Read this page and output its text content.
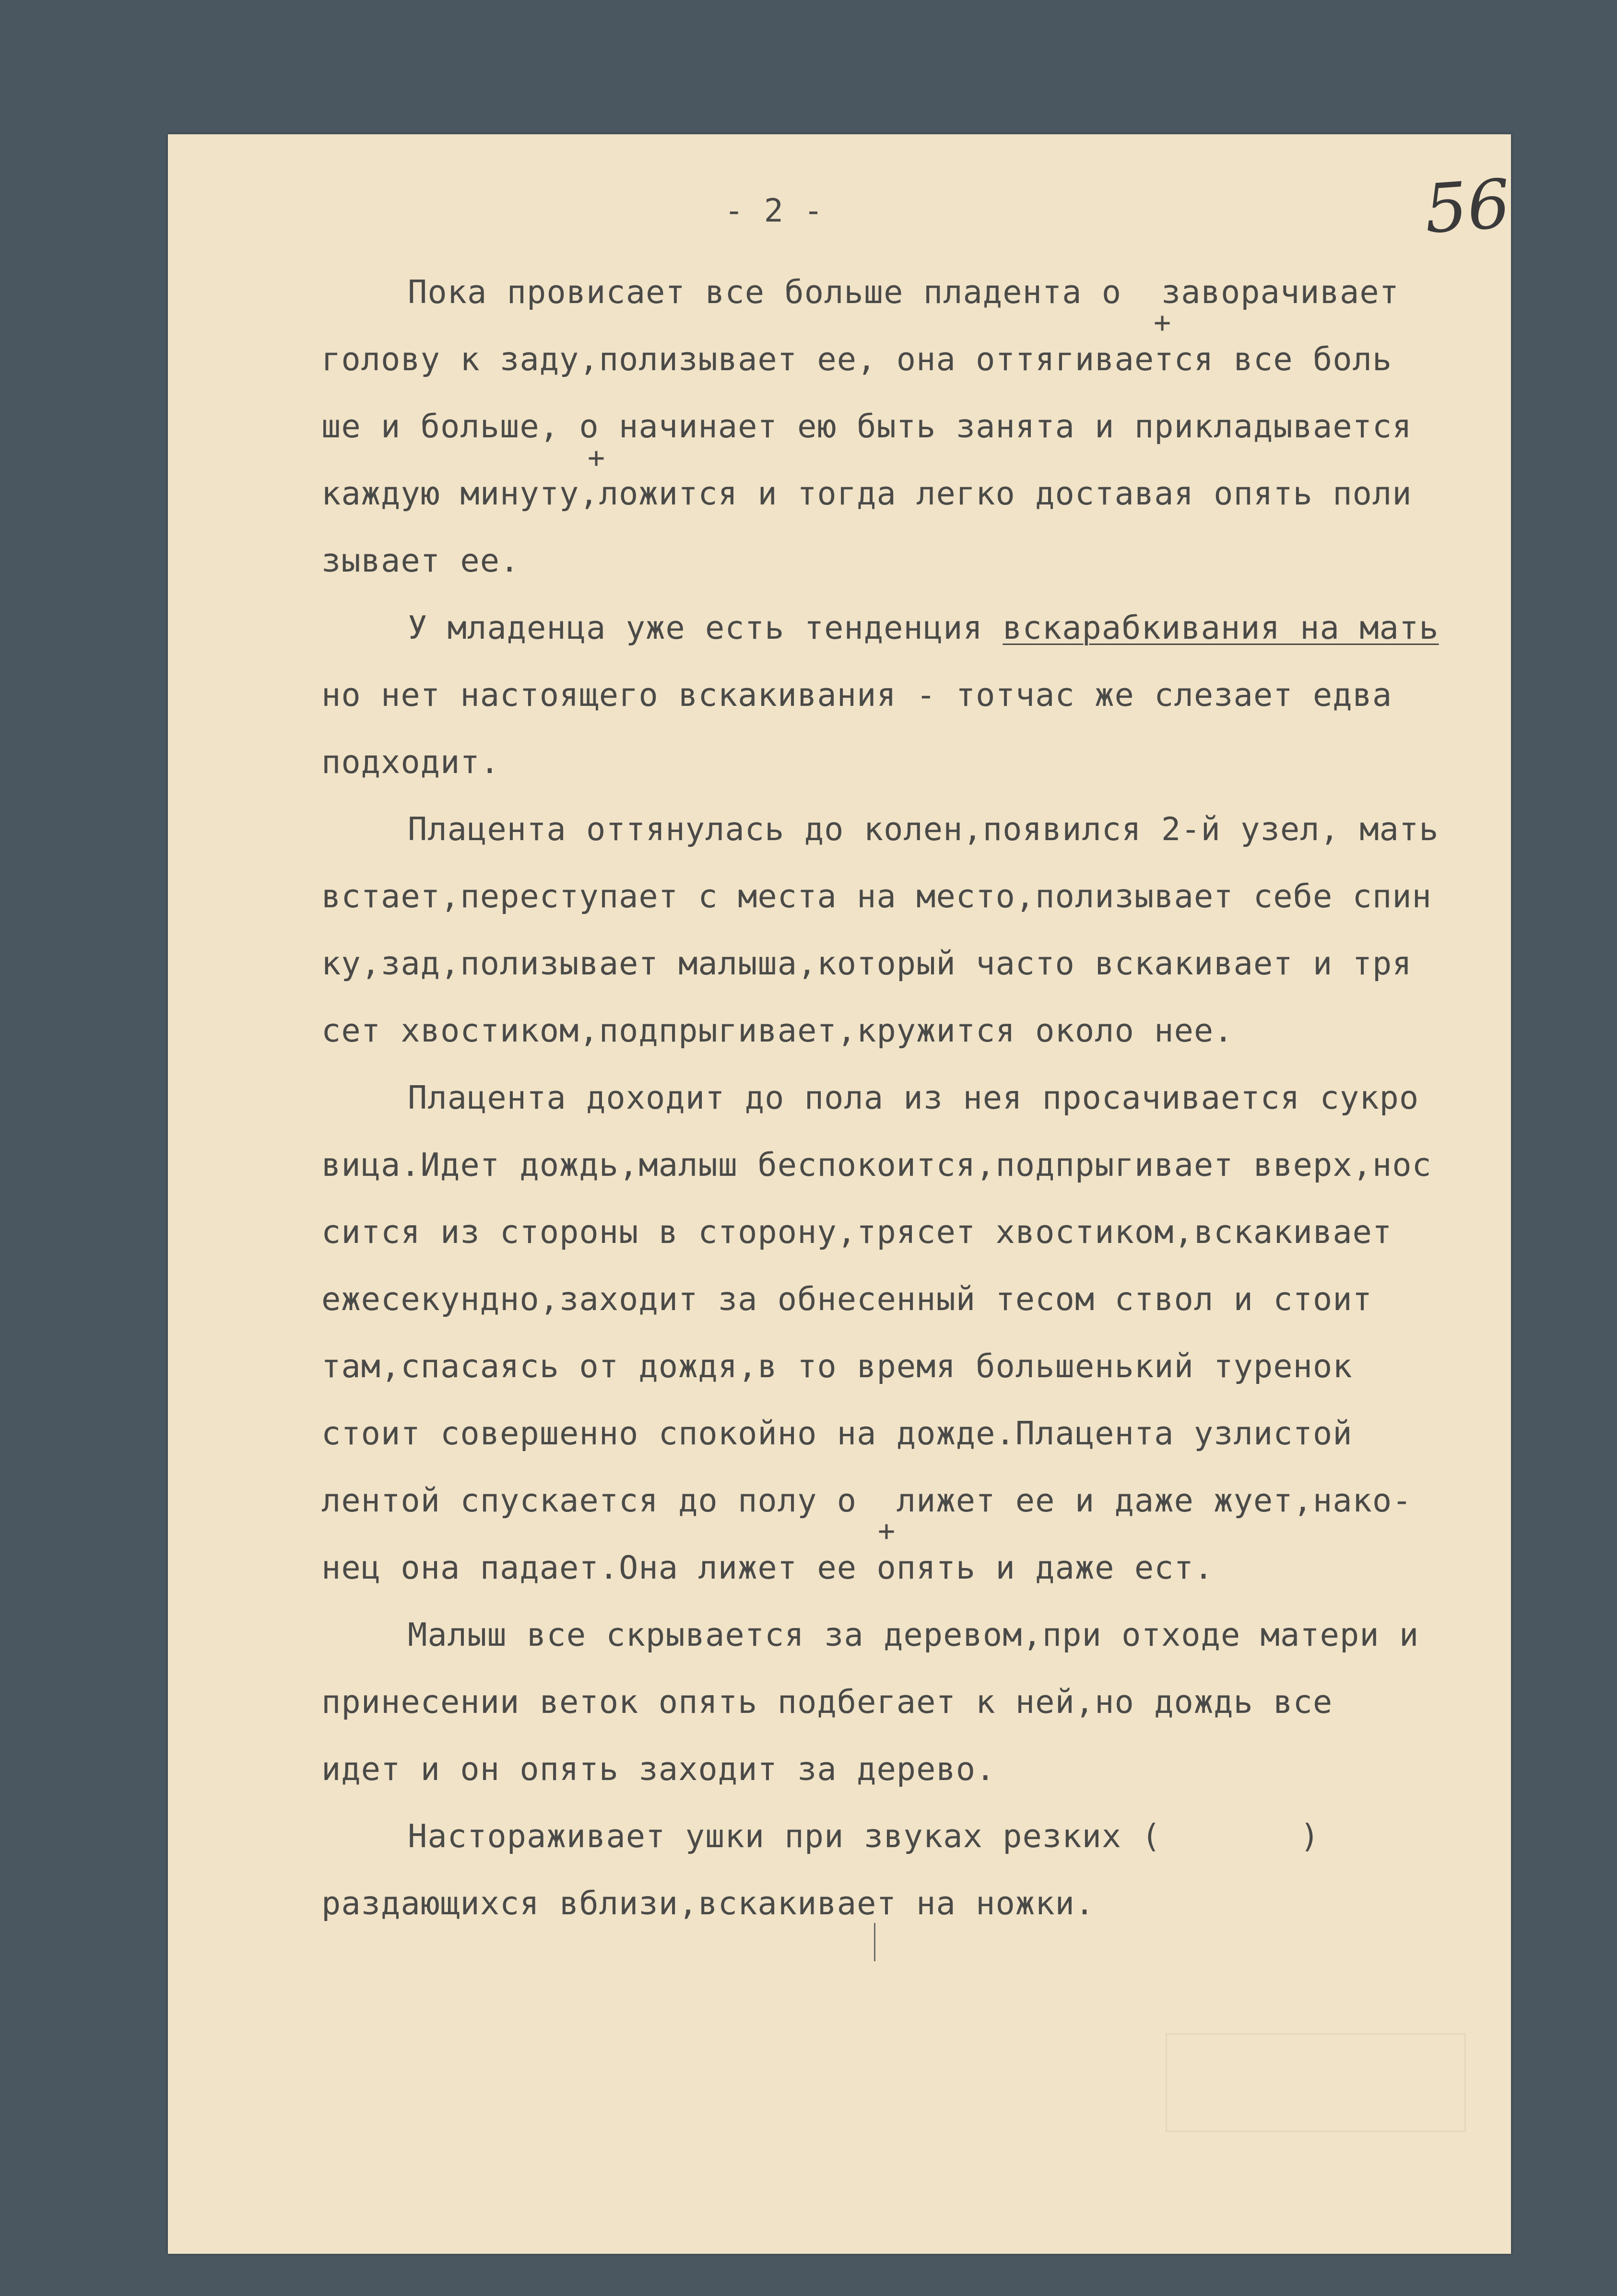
- 2 -	56
Пока провисает все больше пладента о  заворачивает
+
голову к заду,полизывает ее, она оттягивается все боль
ше и больше, о начинает ею быть занята и прикладывается
+
каждую минуту,ложится и тогда легко доставая опять поли
зывает ее.
У младенца уже есть тенденция вскарабкивания на мать
но нет настоящего вскакивания - тотчас же слезает едва
подходит.
Плацента оттянулась до колен,появился 2-й узел, мать
встает,переступает с места на место,полизывает себе спин
ку,зад,полизывает малыша,который часто вскакивает и тря
сет хвостиком,подпрыгивает,кружится около нее.
Плацента доходит до пола из нея просачивается сукро
вица.Идет дождь,малыш беспокоится,подпрыгивает вверх,нос
сится из стороны в сторону,трясет хвостиком,вскакивает
ежесекундно,заходит за обнесенный тесом ствол и стоит
там,спасаясь от дождя,в то время большенький туренок
стоит совершенно спокойно на дожде.Плацента узлистой
лентой спускается до полу о  лижет ее и даже жует,нако-
+
нец она падает.Она лижет ее опять и даже ест.
Малыш все скрывается за деревом,при отходе матери и
принесении веток опять подбегает к ней,но дождь все
идет и он опять заходит за дерево.
Настораживает ушки при звуках резких (       )
раздающихся вблизи,вскакивает на ножки.
